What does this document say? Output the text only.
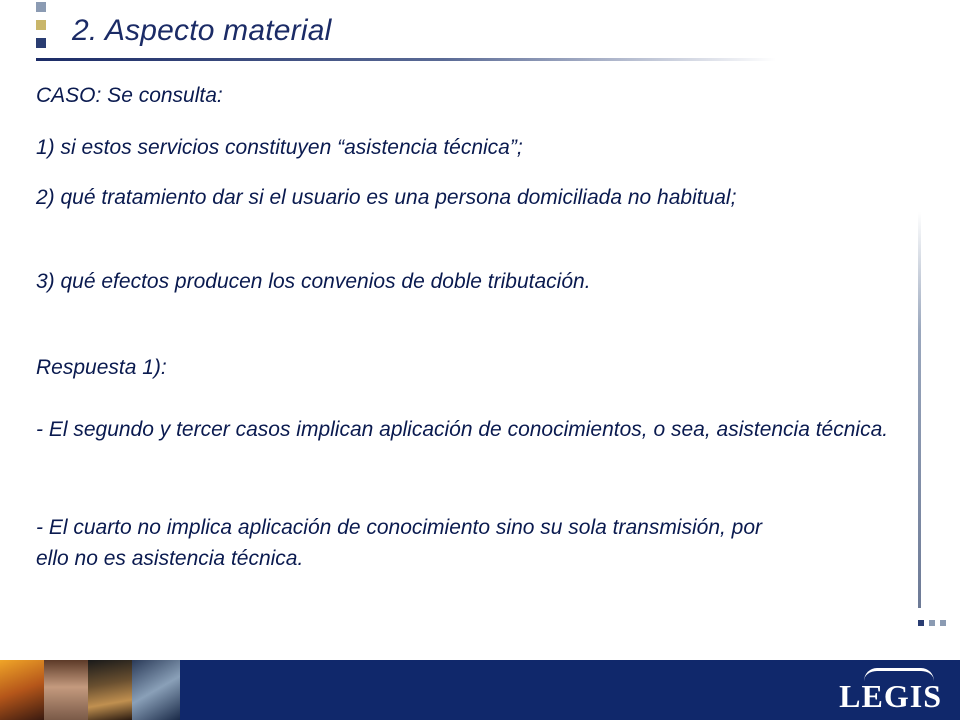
2. Aspecto material
CASO: Se consulta:
1) si estos servicios constituyen “asistencia técnica”;
2) qué tratamiento dar si el usuario es una persona domiciliada no habitual;
3) qué efectos producen los convenios de doble tributación.
Respuesta 1):
- El segundo y tercer casos implican aplicación de conocimientos, o sea, asistencia técnica.
- El cuarto no implica aplicación de conocimiento sino su sola transmisión, por ello no es asistencia técnica.
LEGIS
